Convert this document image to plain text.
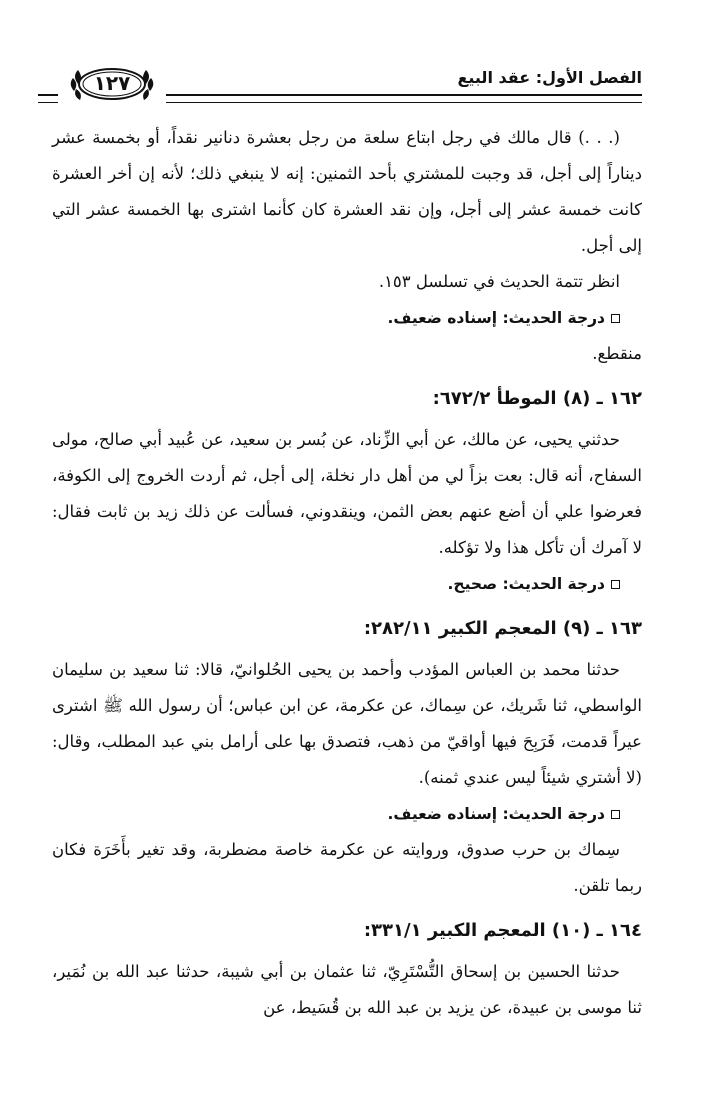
الفصل الأول: عقد البيع
١٢٧

(. . .) قال مالك في رجل ابتاع سلعة من رجل بعشرة دنانير نقداً، أو بخمسة عشر ديناراً إلى أجل، قد وجبت للمشتري بأحد الثمنين: إنه لا ينبغي ذلك؛ لأنه إن أخر العشرة كانت خمسة عشر إلى أجل، وإن نقد العشرة كان كأنما اشترى بها الخمسة عشر التي إلى أجل.

انظر تتمة الحديث في تسلسل ١٥٣.

درجة الحديث: إسناده ضعيف.

منقطع.

١٦٢ ـ (٨) الموطأ ٦٧٢/٢:

حدثني يحيى، عن مالك، عن أبي الزِّناد، عن بُسر بن سعيد، عن عُبيد أبي صالح، مولى السفاح، أنه قال: بعت بزاً لي من أهل دار نخلة، إلى أجل، ثم أردت الخروج إلى الكوفة، فعرضوا علي أن أضع عنهم بعض الثمن، وينقدوني، فسألت عن ذلك زيد بن ثابت فقال: لا آمرك أن تأكل هذا ولا تؤكله.

درجة الحديث: صحيح.

١٦٣ ـ (٩) المعجم الكبير ٢٨٢/١١:

حدثنا محمد بن العباس المؤدب وأحمد بن يحيى الحُلوانيّ، قالا: ثنا سعيد بن سليمان الواسطي، ثنا شَريك، عن سِماك، عن عكرمة، عن ابن عباس؛ أن رسول الله ﷺ اشترى عيراً قدمت، فَرَبِحَ فيها أواقيّ من ذهب، فتصدق بها على أرامل بني عبد المطلب، وقال: (لا أشتري شيئاً ليس عندي ثمنه).

درجة الحديث: إسناده ضعيف.

سِماك بن حرب صدوق، وروايته عن عكرمة خاصة مضطربة، وقد تغير بأَخَرَة فكان ربما تلقن.

١٦٤ ـ (١٠) المعجم الكبير ٣٣١/١:

حدثنا الحسين بن إسحاق التُّسْتَرِيّ، ثنا عثمان بن أبي شيبة، حدثنا عبد الله بن نُمَير، ثنا موسى بن عبيدة، عن يزيد بن عبد الله بن قُسَيط، عن
